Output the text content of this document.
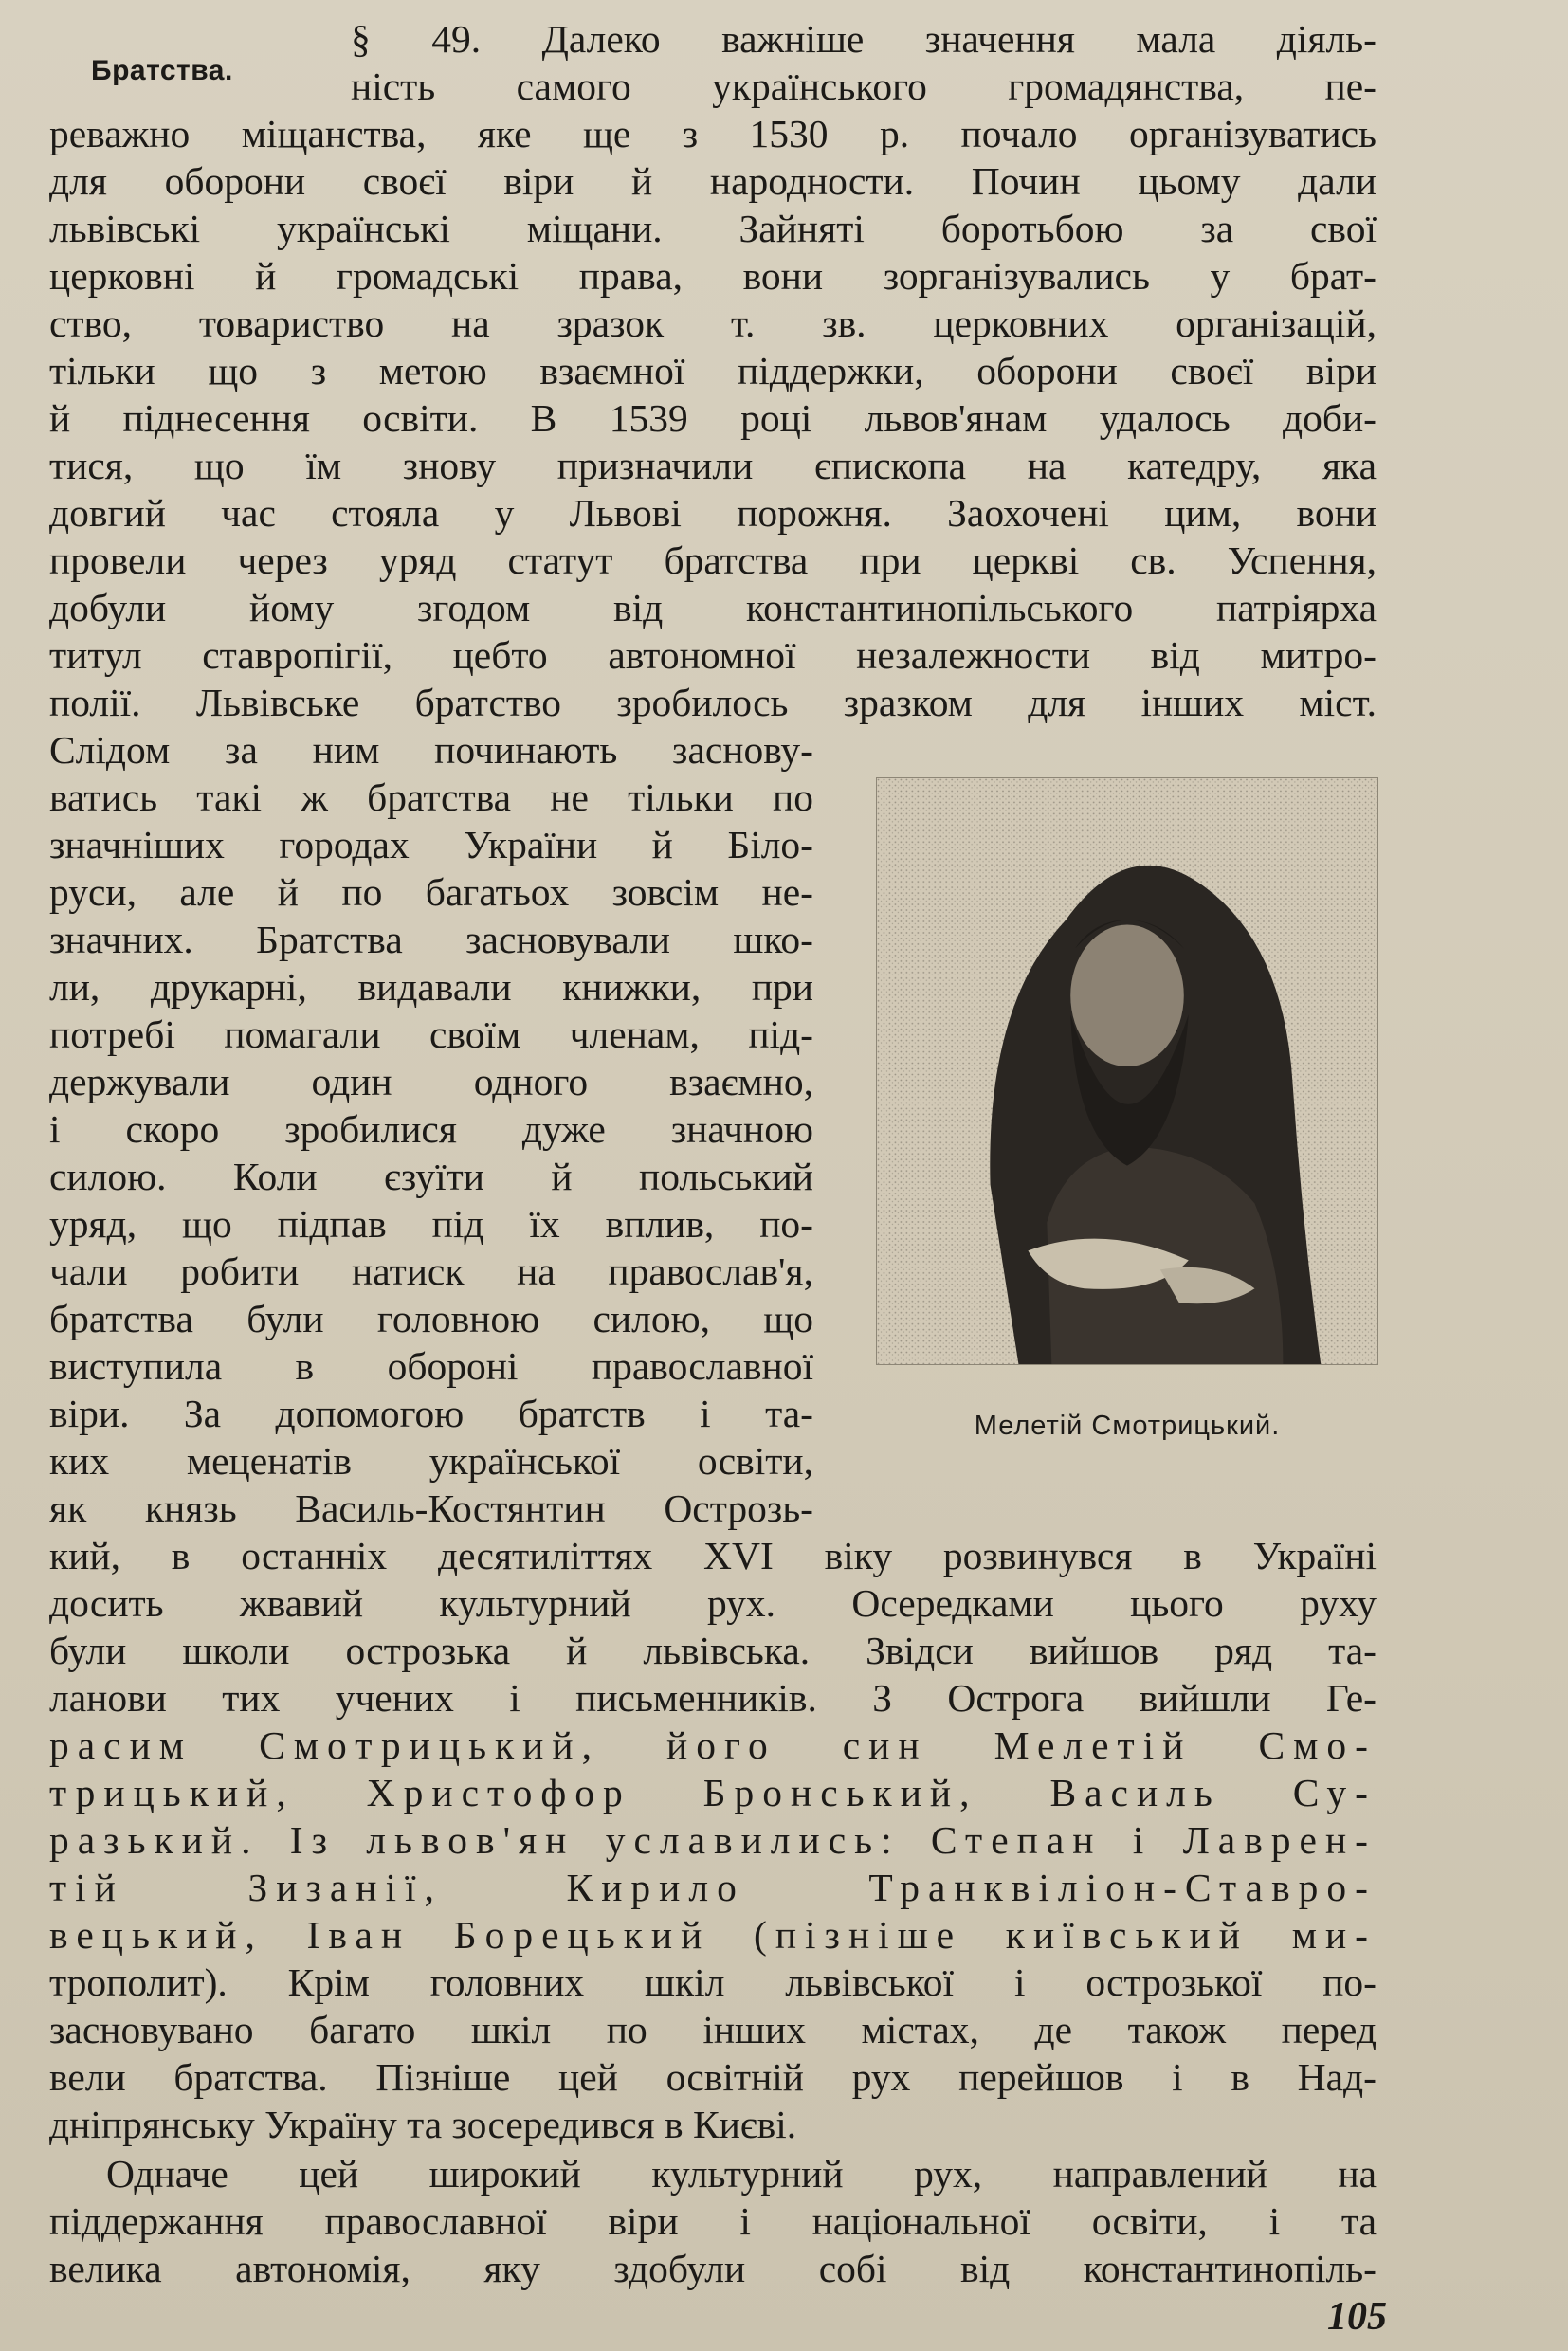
Братства.
§ 49. Далеко важніше значення мала діяль-
ність самого українського громадянства, пе-
реважно міщанства, яке ще з 1530 р. почало організуватись
для оборони своєї віри й народности. Почин цьому дали
львівські українські міщани. Зайняті боротьбою за свої
церковні й громадські права, вони зорганізувались у брат-
ство, товариство на зразок т. зв. церковних організацій,
тільки що з метою взаємної піддержки, оборони своєї віри
й піднесення освіти. В 1539 році львов'янам удалось доби-
тися, що їм знову призначили єпископа на катедру, яка
довгий час стояла у Львові порожня. Заохочені цим, вони
провели через уряд статут братства при церкві св. Успення,
добули йому згодом від константинопільського патріярха
титул ставропігії, цебто автономної незалежности від митро-
полії. Львівське братство зробилось зразком для інших міст.
Слідом за ним починають заснову-
ватись такі ж братства не тільки по
значніших городах України й Біло-
руси, але й по багатьох зовсім не-
значних. Братства засновували шко-
ли, друкарні, видавали книжки, при
потребі помагали своїм членам, під-
держували один одного взаємно,
і скоро зробилися дуже значною
силою. Коли єзуїти й польський
уряд, що підпав під їх вплив, по-
чали робити натиск на православ'я,
братства були головною силою, що
виступила в обороні православної
віри. За допомогою братств і та-
ких меценатів української освіти,
як князь Василь-Костянтин Острозь-
кий, в останніх десятиліттях XVI віку розвинувся в Україні
досить жвавий культурний рух. Осередками цього руху
були школи острозька й львівська. Звідси вийшов ряд та-
ланови тих учених і письменників. З Острога вийшли Ге-
расим Смотрицький, його син Мелетій Смо-
трицький, Христофор Бронський, Василь Су-
разький. Із львов'ян уславились: Степан і Лаврен-
тій Зизанії, Кирило Транквіліон-Ставро-
вецький, Іван Борецький (пізніше київський ми-
трополит). Крім головних шкіл львівської і острозької по-
засновувано багато шкіл по інших містах, де також перед
вели братства. Пізніше цей освітній рух перейшов і в Над-
дніпрянську Україну та зосередився в Києві.
Одначе цей широкий культурний рух, направлений на
піддержання православної віри і національної освіти, і та
велика автономія, яку здобули собі від константинопіль-
Мелетій Смотрицький.
105
